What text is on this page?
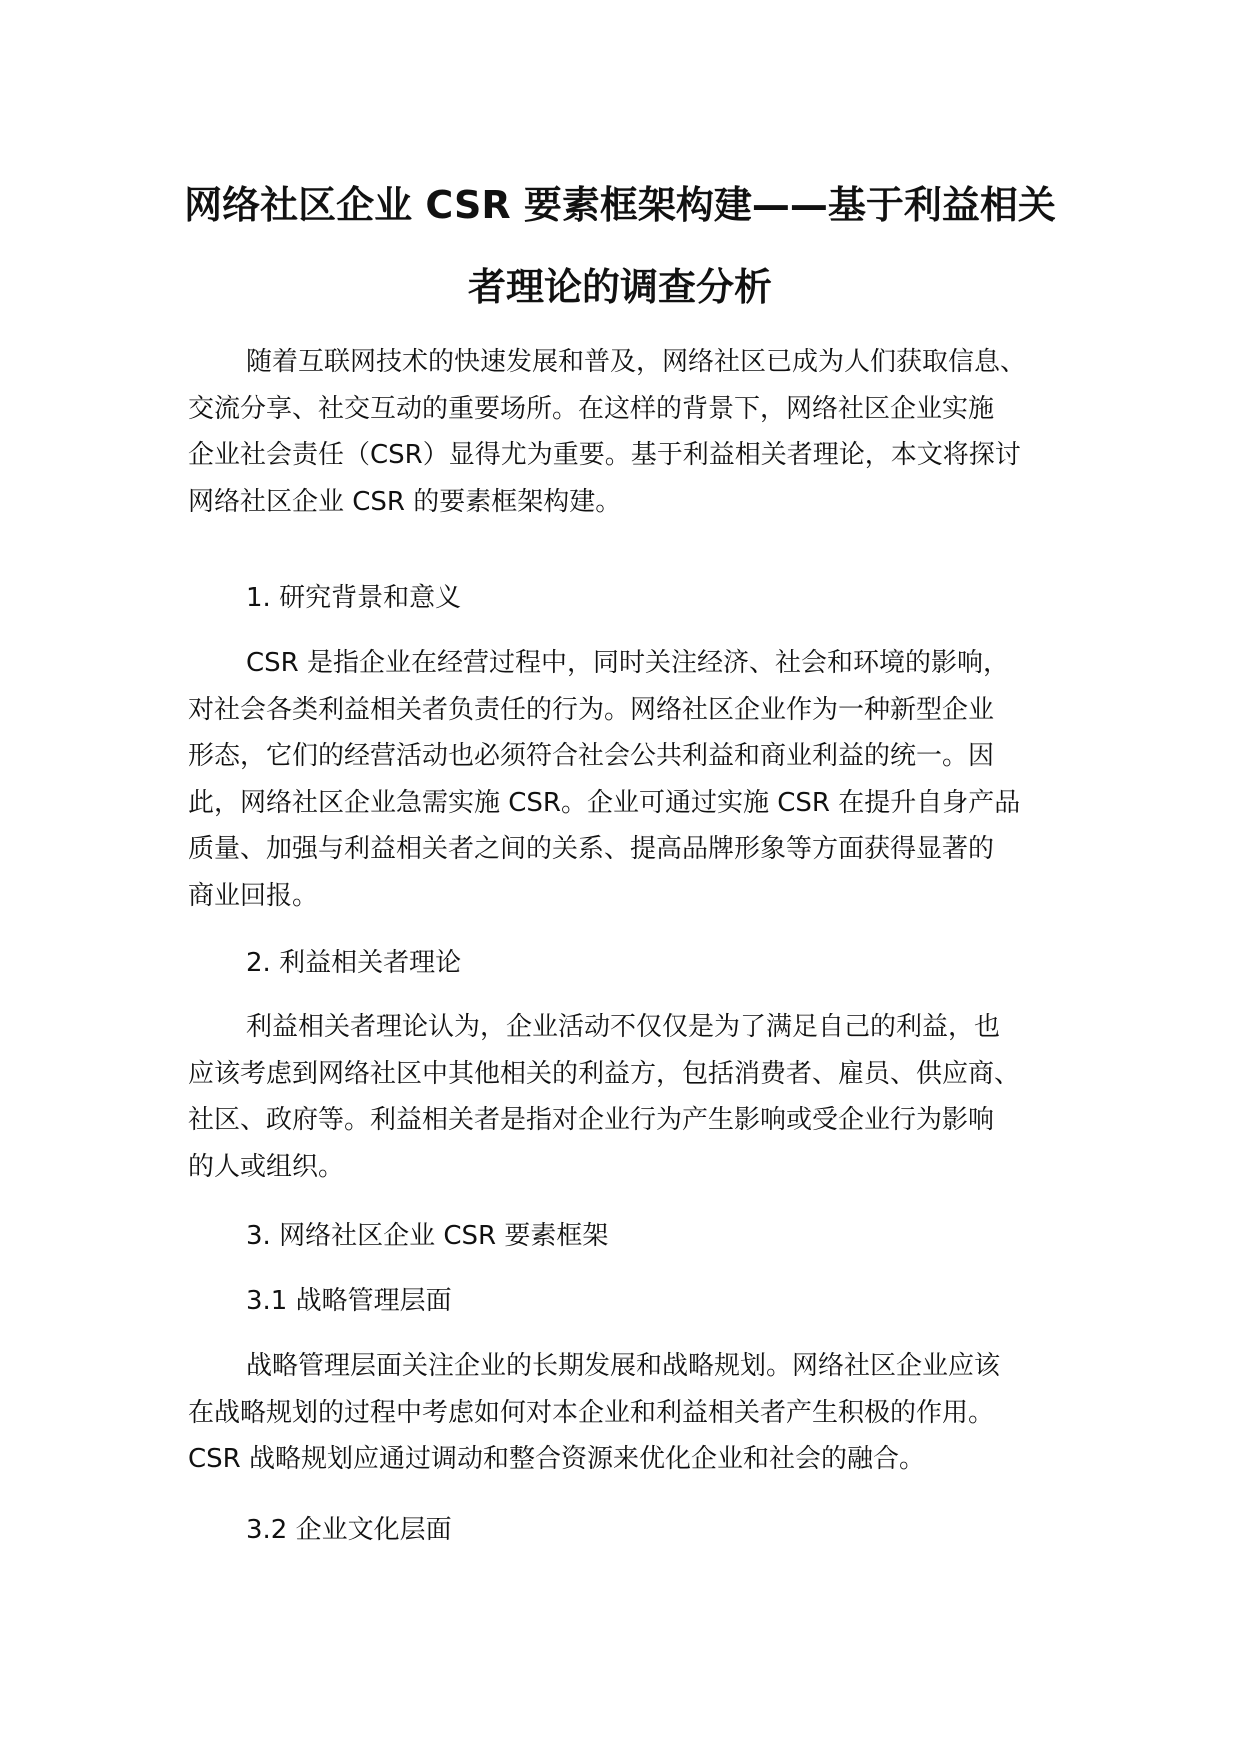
网络社区企业 CSR 要素框架构建——基于利益相关
者理论的调查分析
随着互联网技术的快速发展和普及，网络社区已成为人们获取信息、
交流分享、社交互动的重要场所。在这样的背景下，网络社区企业实施
企业社会责任（CSR）显得尤为重要。基于利益相关者理论，本文将探讨
网络社区企业 CSR 的要素框架构建。
1. 研究背景和意义
CSR 是指企业在经营过程中，同时关注经济、社会和环境的影响，
对社会各类利益相关者负责任的行为。网络社区企业作为一种新型企业
形态，它们的经营活动也必须符合社会公共利益和商业利益的统一。因
此，网络社区企业急需实施 CSR。企业可通过实施 CSR 在提升自身产品
质量、加强与利益相关者之间的关系、提高品牌形象等方面获得显著的
商业回报。
2. 利益相关者理论
利益相关者理论认为，企业活动不仅仅是为了满足自己的利益，也
应该考虑到网络社区中其他相关的利益方，包括消费者、雇员、供应商、
社区、政府等。利益相关者是指对企业行为产生影响或受企业行为影响
的人或组织。
3. 网络社区企业 CSR 要素框架
3.1 战略管理层面
战略管理层面关注企业的长期发展和战略规划。网络社区企业应该
在战略规划的过程中考虑如何对本企业和利益相关者产生积极的作用。
CSR 战略规划应通过调动和整合资源来优化企业和社会的融合。
3.2 企业文化层面
